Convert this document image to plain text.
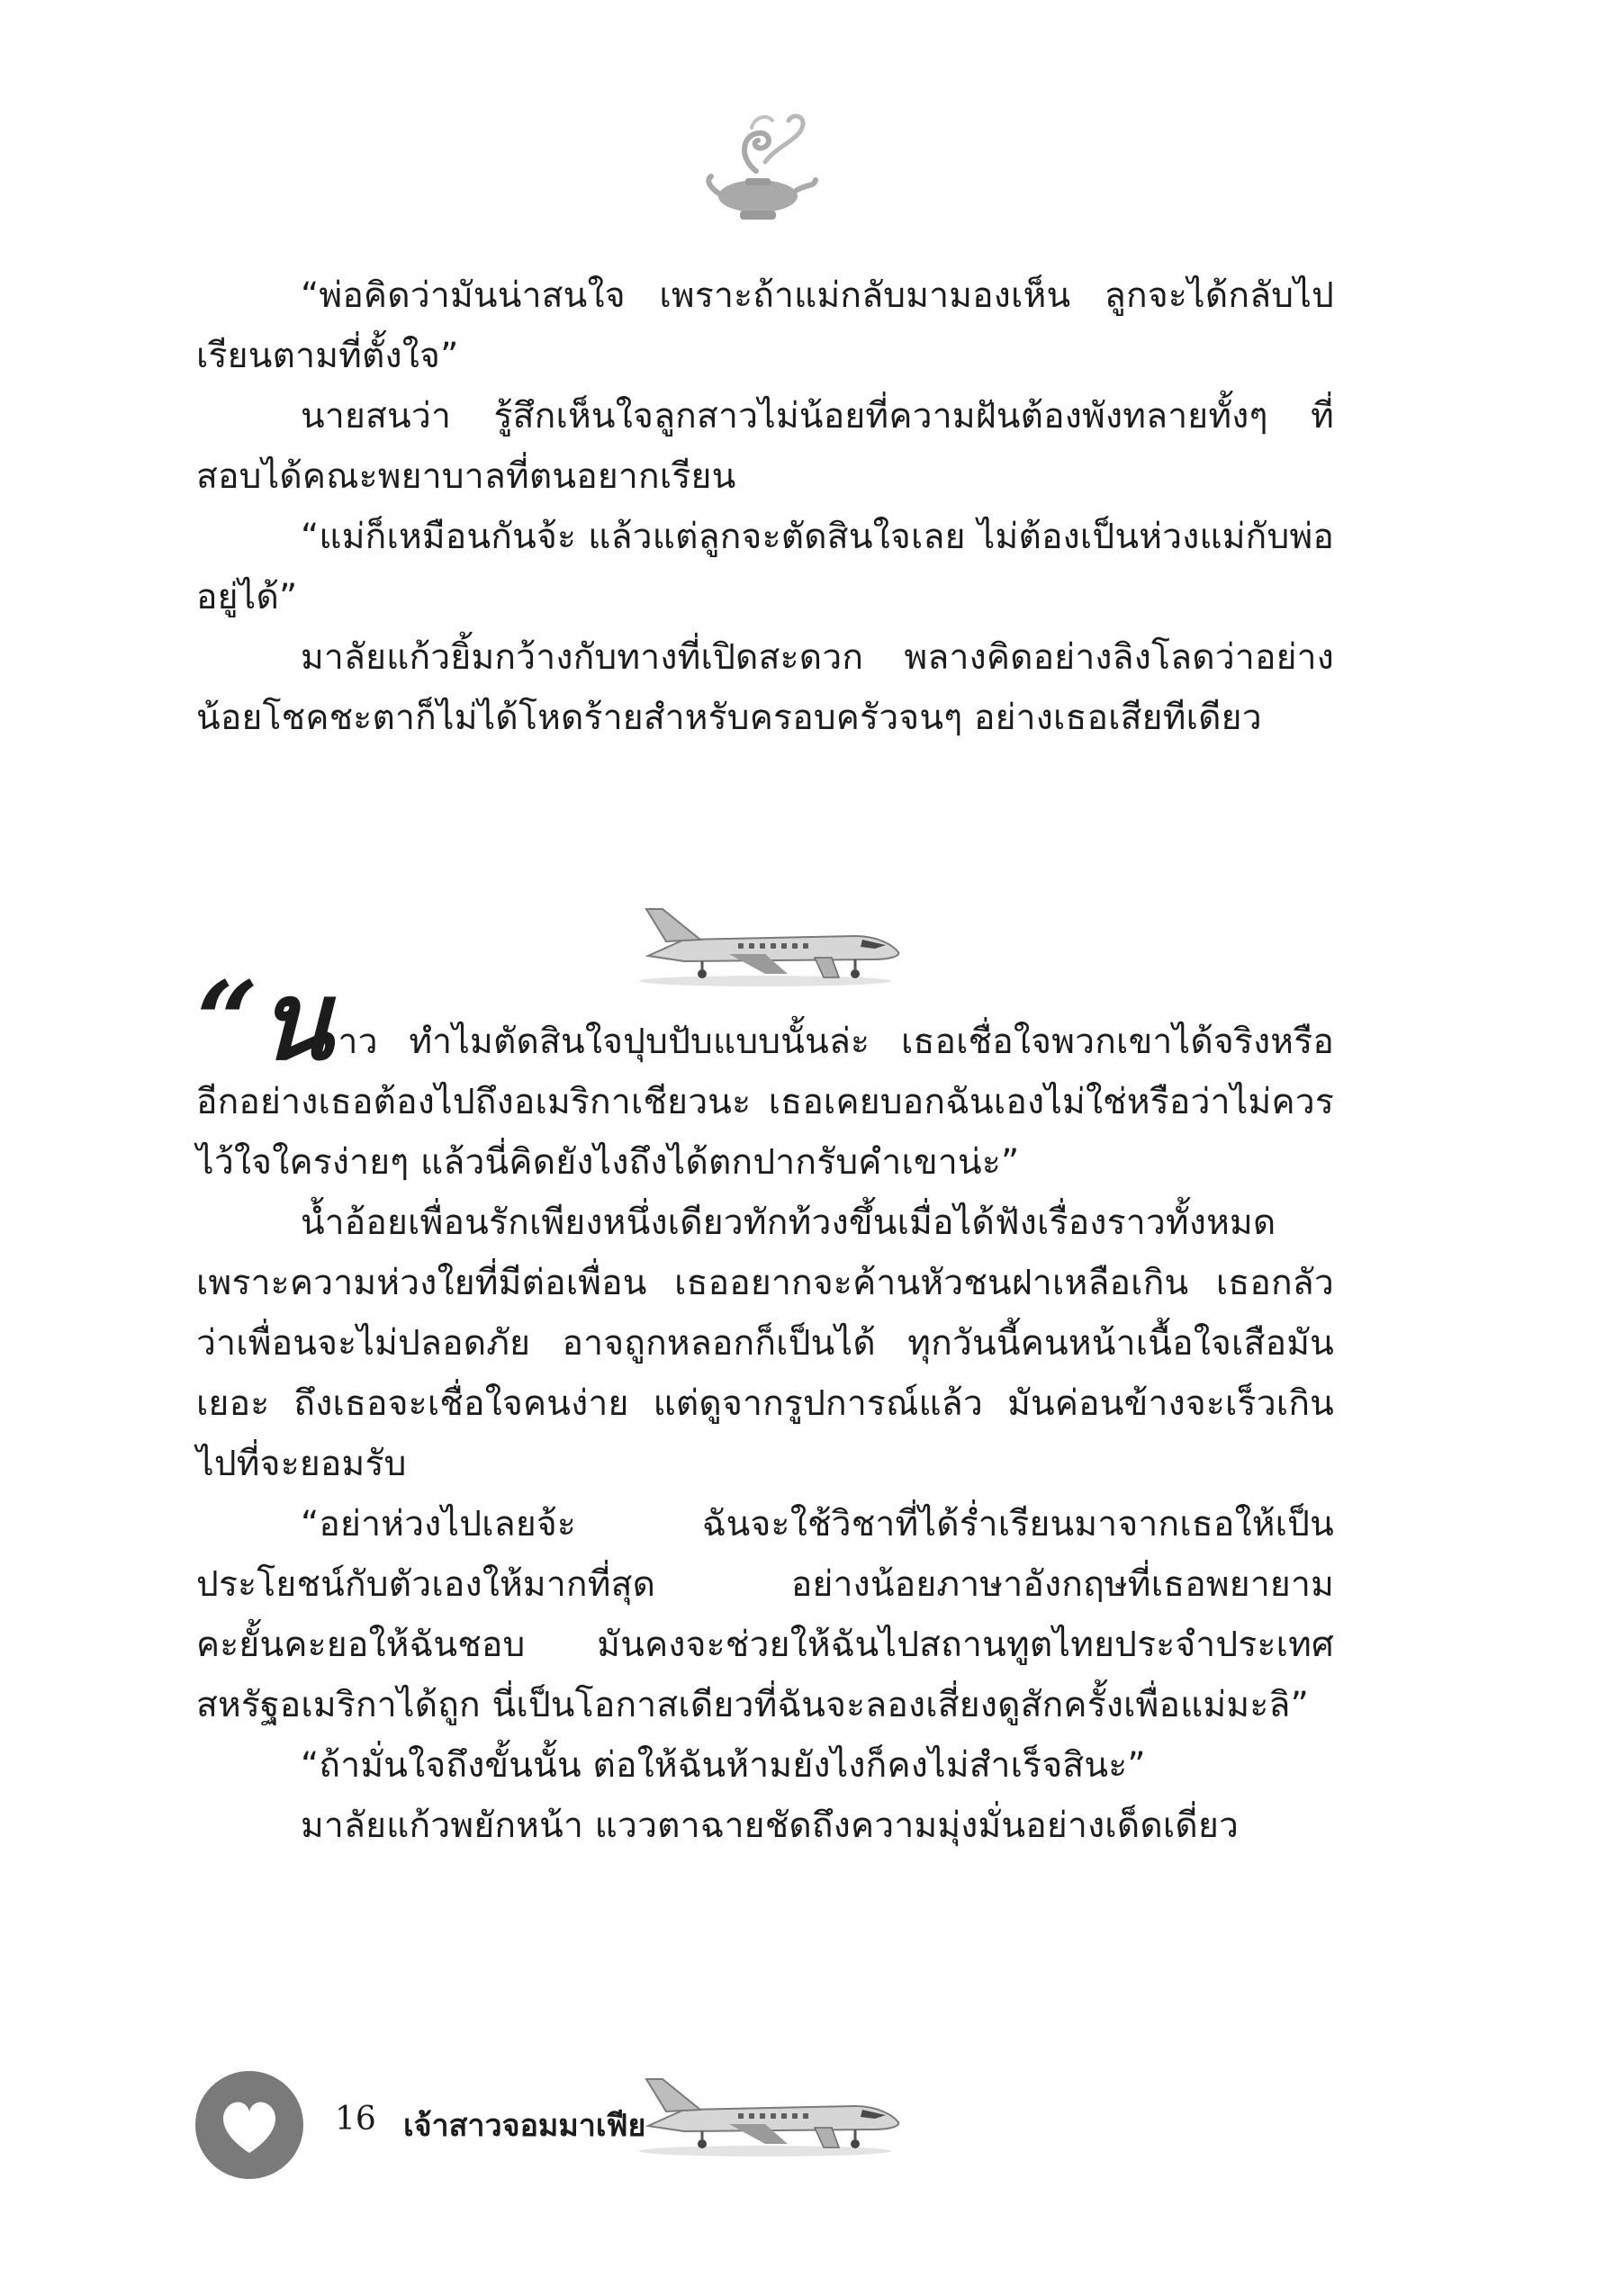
“พ่อคิดว่ามันน่าสนใจ เพราะถ้าแม่กลับมามองเห็น ลูกจะได้กลับไปเรียนตามที่ตั้งใจ”

นายสนว่า รู้สึกเห็นใจลูกสาวไม่น้อยที่ความฝันต้องพังทลายทั้งๆ ที่สอบได้คณะพยาบาลที่ตนอยากเรียน

“แม่ก็เหมือนกันจ้ะ แล้วแต่ลูกจะตัดสินใจเลย ไม่ต้องเป็นห่วงแม่กับพ่ออยู่ได้”

มาลัยแก้วยิ้มกว้างกับทางที่เปิดสะดวก พลางคิดอย่างลิงโลดว่าอย่างน้อยโชคชะตาก็ไม่ได้โหดร้ายสำหรับครอบครัวจนๆ อย่างเธอเสียทีเดียว

“นาว ทำไมตัดสินใจปุบปับแบบนั้นล่ะ เธอเชื่อใจพวกเขาได้จริงหรือ อีกอย่างเธอต้องไปถึงอเมริกาเชียวนะ เธอเคยบอกฉันเองไม่ใช่หรือว่าไม่ควรไว้ใจใครง่ายๆ แล้วนี่คิดยังไงถึงได้ตกปากรับคำเขาน่ะ”

น้ำอ้อยเพื่อนรักเพียงหนึ่งเดียวทักท้วงขึ้นเมื่อได้ฟังเรื่องราวทั้งหมด เพราะความห่วงใยที่มีต่อเพื่อน เธออยากจะค้านหัวชนฝาเหลือเกิน เธอกลัวว่าเพื่อนจะไม่ปลอดภัย อาจถูกหลอกก็เป็นได้ ทุกวันนี้คนหน้าเนื้อใจเสือมันเยอะ ถึงเธอจะเชื่อใจคนง่าย แต่ดูจากรูปการณ์แล้ว มันค่อนข้างจะเร็วเกินไปที่จะยอมรับ

“อย่าห่วงไปเลยจ้ะ ฉันจะใช้วิชาที่ได้ร่ำเรียนมาจากเธอให้เป็นประโยชน์กับตัวเองให้มากที่สุด อย่างน้อยภาษาอังกฤษที่เธอพยายามคะยั้นคะยอให้ฉันชอบ มันคงจะช่วยให้ฉันไปสถานทูตไทยประจำประเทศสหรัฐอเมริกาได้ถูก นี่เป็นโอกาสเดียวที่ฉันจะลองเสี่ยงดูสักครั้งเพื่อแม่มะลิ”

“ถ้ามั่นใจถึงขั้นนั้น ต่อให้ฉันห้ามยังไงก็คงไม่สำเร็จสินะ”

มาลัยแก้วพยักหน้า แววตาฉายชัดถึงความมุ่งมั่นอย่างเด็ดเดี่ยว

16 เจ้าสาวจอมมาเฟีย
